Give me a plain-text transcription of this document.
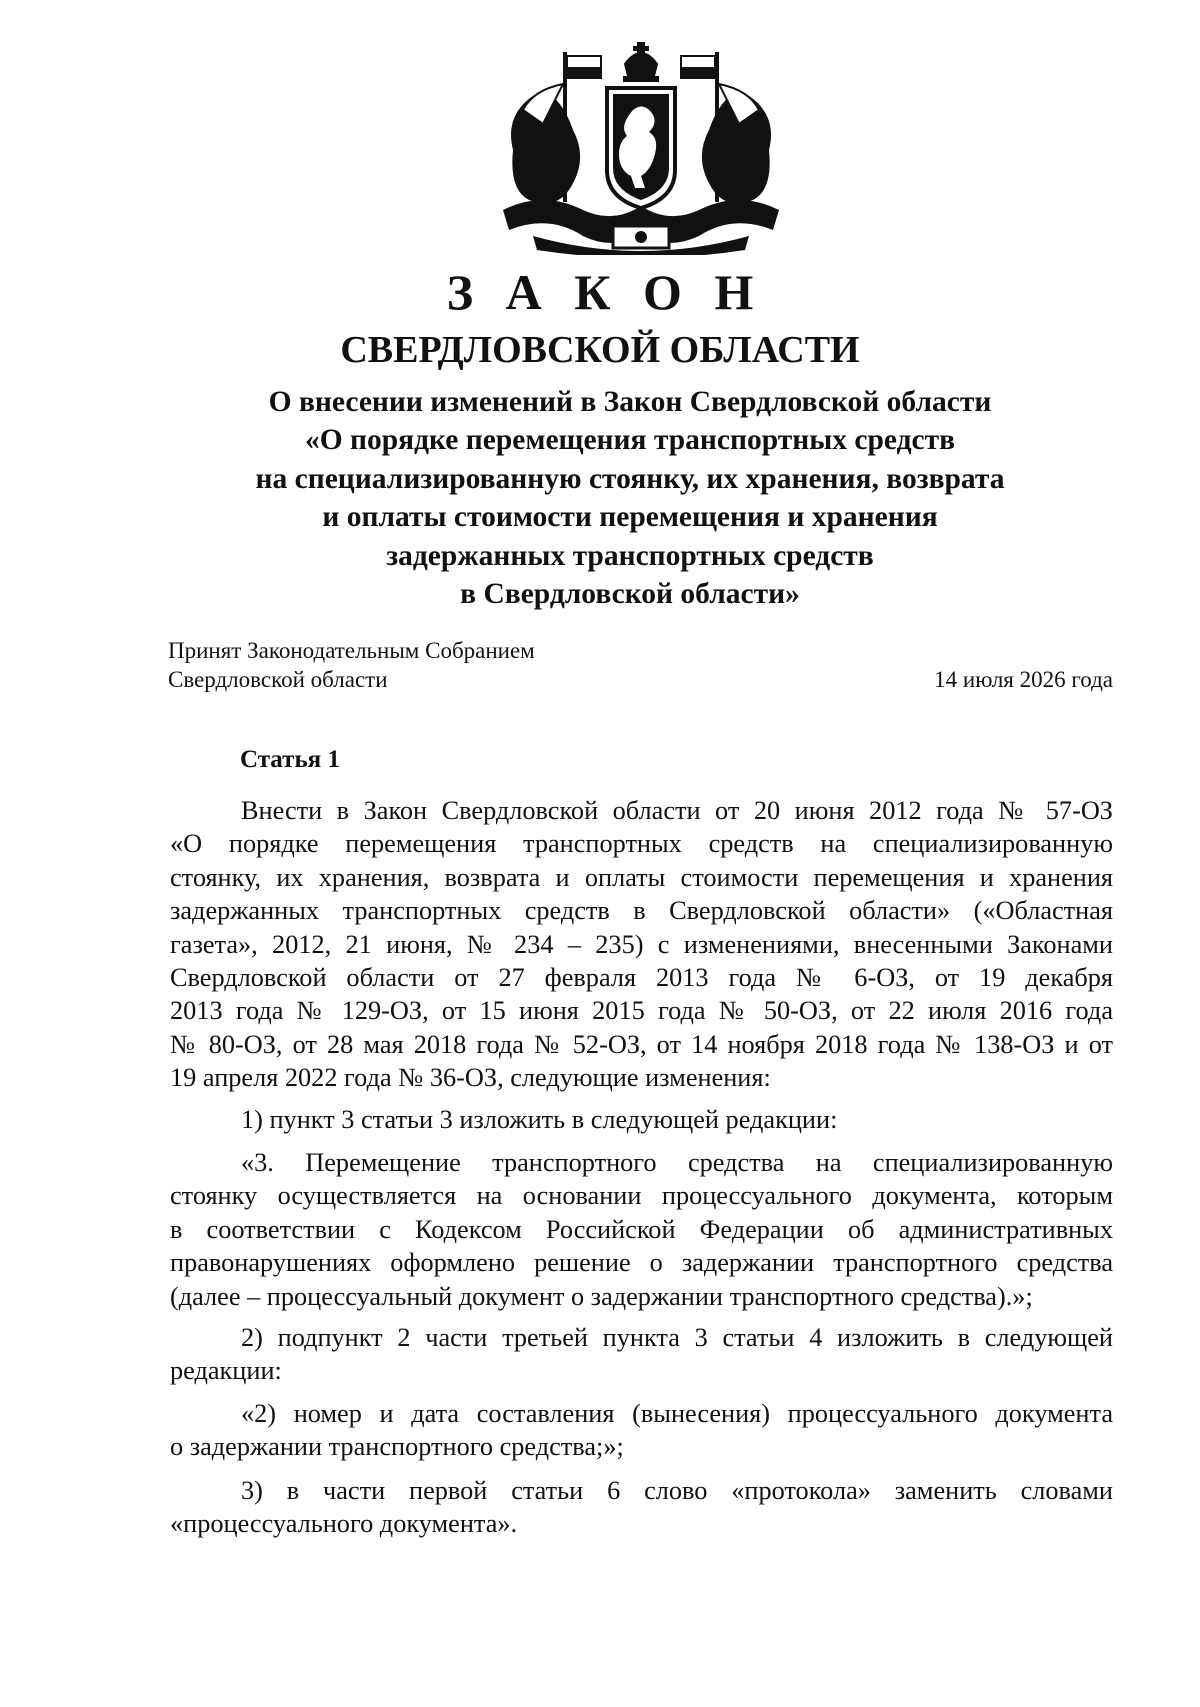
З А К О Н
СВЕРДЛОВСКОЙ ОБЛАСТИ
О внесении изменений в Закон Свердловской области
«О порядке перемещения транспортных средств
на специализированную стоянку, их хранения, возврата
и оплаты стоимости перемещения и хранения
задержанных транспортных средств
в Свердловской области»
Принят Законодательным Собранием
Свердловской области	14 июля 2026 года
Статья 1
Внести в Закон Свердловской области от 20 июня 2012 года № 57-ОЗ
«О порядке перемещения транспортных средств на специализированную
стоянку, их хранения, возврата и оплаты стоимости перемещения и хранения
задержанных транспортных средств в Свердловской области» («Областная
газета», 2012, 21 июня, № 234 – 235) с изменениями, внесенными Законами
Свердловской области от 27 февраля 2013 года № 6-ОЗ, от 19 декабря
2013 года № 129-ОЗ, от 15 июня 2015 года № 50-ОЗ, от 22 июля 2016 года
№ 80-ОЗ, от 28 мая 2018 года № 52-ОЗ, от 14 ноября 2018 года № 138-ОЗ и от
19 апреля 2022 года № 36-ОЗ, следующие изменения:
1) пункт 3 статьи 3 изложить в следующей редакции:
«3. Перемещение транспортного средства на специализированную
стоянку осуществляется на основании процессуального документа, которым
в соответствии с Кодексом Российской Федерации об административных
правонарушениях оформлено решение о задержании транспортного средства
(далее – процессуальный документ о задержании транспортного средства).»;
2) подпункт 2 части третьей пункта 3 статьи 4 изложить в следующей
редакции:
«2) номер и дата составления (вынесения) процессуального документа
о задержании транспортного средства;»;
3) в части первой статьи 6 слово «протокола» заменить словами
«процессуального документа».
